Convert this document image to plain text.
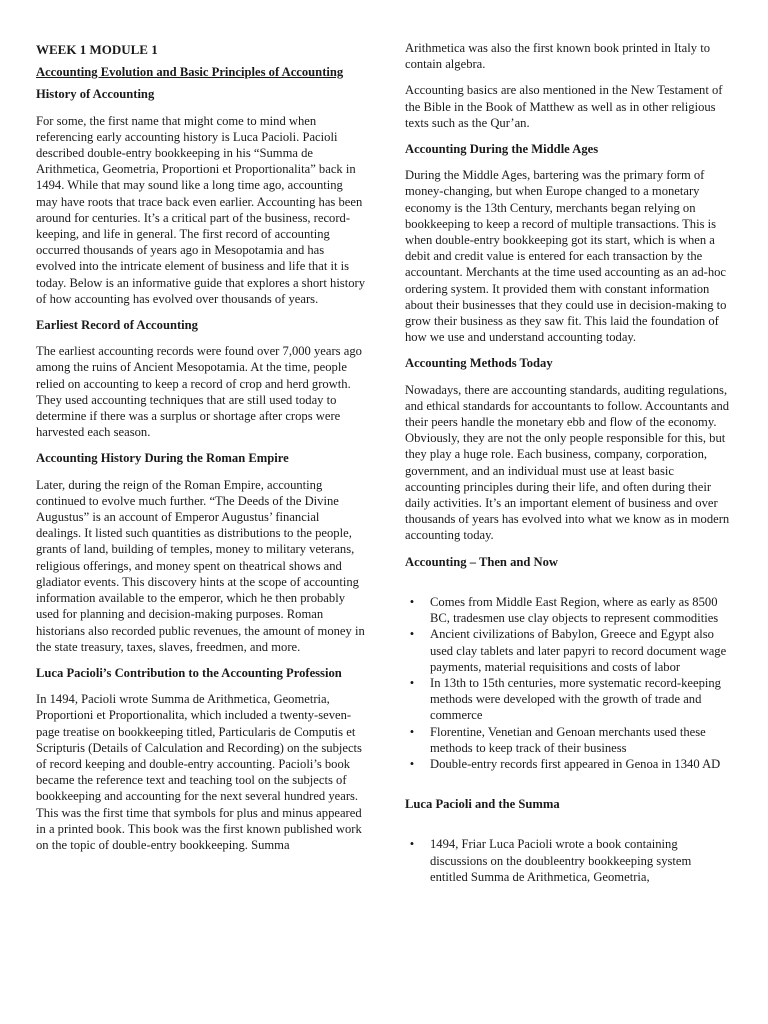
WEEK 1 MODULE 1
Accounting Evolution and Basic Principles of Accounting
History of Accounting

For some, the first name that might come to mind when referencing early accounting history is Luca Pacioli. Pacioli described double-entry bookkeeping in his “Summa de Arithmetica, Geometria, Proportioni et Proportionalita” back in 1494. While that may sound like a long time ago, accounting may have roots that trace back even earlier. Accounting has been around for centuries. It’s a critical part of the business, record-keeping, and life in general. The first record of accounting occurred thousands of years ago in Mesopotamia and has evolved into the intricate element of business and life that it is today. Below is an informative guide that explores a short history of how accounting has evolved over thousands of years.

Earliest Record of Accounting

The earliest accounting records were found over 7,000 years ago among the ruins of Ancient Mesopotamia. At the time, people relied on accounting to keep a record of crop and herd growth. They used accounting techniques that are still used today to determine if there was a surplus or shortage after crops were harvested each season.

Accounting History During the Roman Empire

Later, during the reign of the Roman Empire, accounting continued to evolve much further. “The Deeds of the Divine Augustus” is an account of Emperor Augustus’ financial dealings. It listed such quantities as distributions to the people, grants of land, building of temples, money to military veterans, religious offerings, and money spent on theatrical shows and gladiator events. This discovery hints at the scope of accounting information available to the emperor, which he then probably used for planning and decision-making purposes. Roman historians also recorded public revenues, the amount of money in the state treasury, taxes, slaves, freedmen, and more.

Luca Pacioli’s Contribution to the Accounting Profession

In 1494, Pacioli wrote Summa de Arithmetica, Geometria, Proportioni et Proportionalita, which included a twenty-seven-page treatise on bookkeeping titled, Particularis de Computis et Scripturis (Details of Calculation and Recording) on the subjects of record keeping and double-entry accounting. Pacioli’s book became the reference text and teaching tool on the subjects of bookkeeping and accounting for the next several hundred years. This was the first time that symbols for plus and minus appeared in a printed book. This book was the first known published work on the topic of double-entry bookkeeping. Summa

Arithmetica was also the first known book printed in Italy to contain algebra.

Accounting basics are also mentioned in the New Testament of the Bible in the Book of Matthew as well as in other religious texts such as the Qur’an.

Accounting During the Middle Ages

During the Middle Ages, bartering was the primary form of money-changing, but when Europe changed to a monetary economy is the 13th Century, merchants began relying on bookkeeping to keep a record of multiple transactions. This is when double-entry bookkeeping got its start, which is when a debit and credit value is entered for each transaction by the accountant. Merchants at the time used accounting as an ad-hoc ordering system. It provided them with constant information about their businesses that they could use in decision-making to grow their business as they saw fit. This laid the foundation of how we use and understand accounting today.

Accounting Methods Today

Nowadays, there are accounting standards, auditing regulations, and ethical standards for accountants to follow. Accountants and their peers handle the monetary ebb and flow of the economy. Obviously, they are not the only people responsible for this, but they play a huge role. Each business, company, corporation, government, and an individual must use at least basic accounting principles during their life, and often during their daily activities. It’s an important element of business and over thousands of years has evolved into what we know as in modern accounting today.

Accounting – Then and Now
•	Comes from Middle East Region, where as early as 8500 BC, tradesmen use clay objects to represent commodities
•	Ancient civilizations of Babylon, Greece and Egypt also used clay tablets and later papyri to record document wage payments, material requisitions and costs of labor
•	In 13th to 15th centuries, more systematic record-keeping methods were developed with the growth of trade and commerce
•	Florentine, Venetian and Genoan merchants used these methods to keep track of their business
•	Double-entry records first appeared in Genoa in 1340 AD
Luca Pacioli and the Summa
•	1494, Friar Luca Pacioli wrote a book containing discussions on the doubleentry bookkeeping system entitled Summa de Arithmetica, Geometria,
